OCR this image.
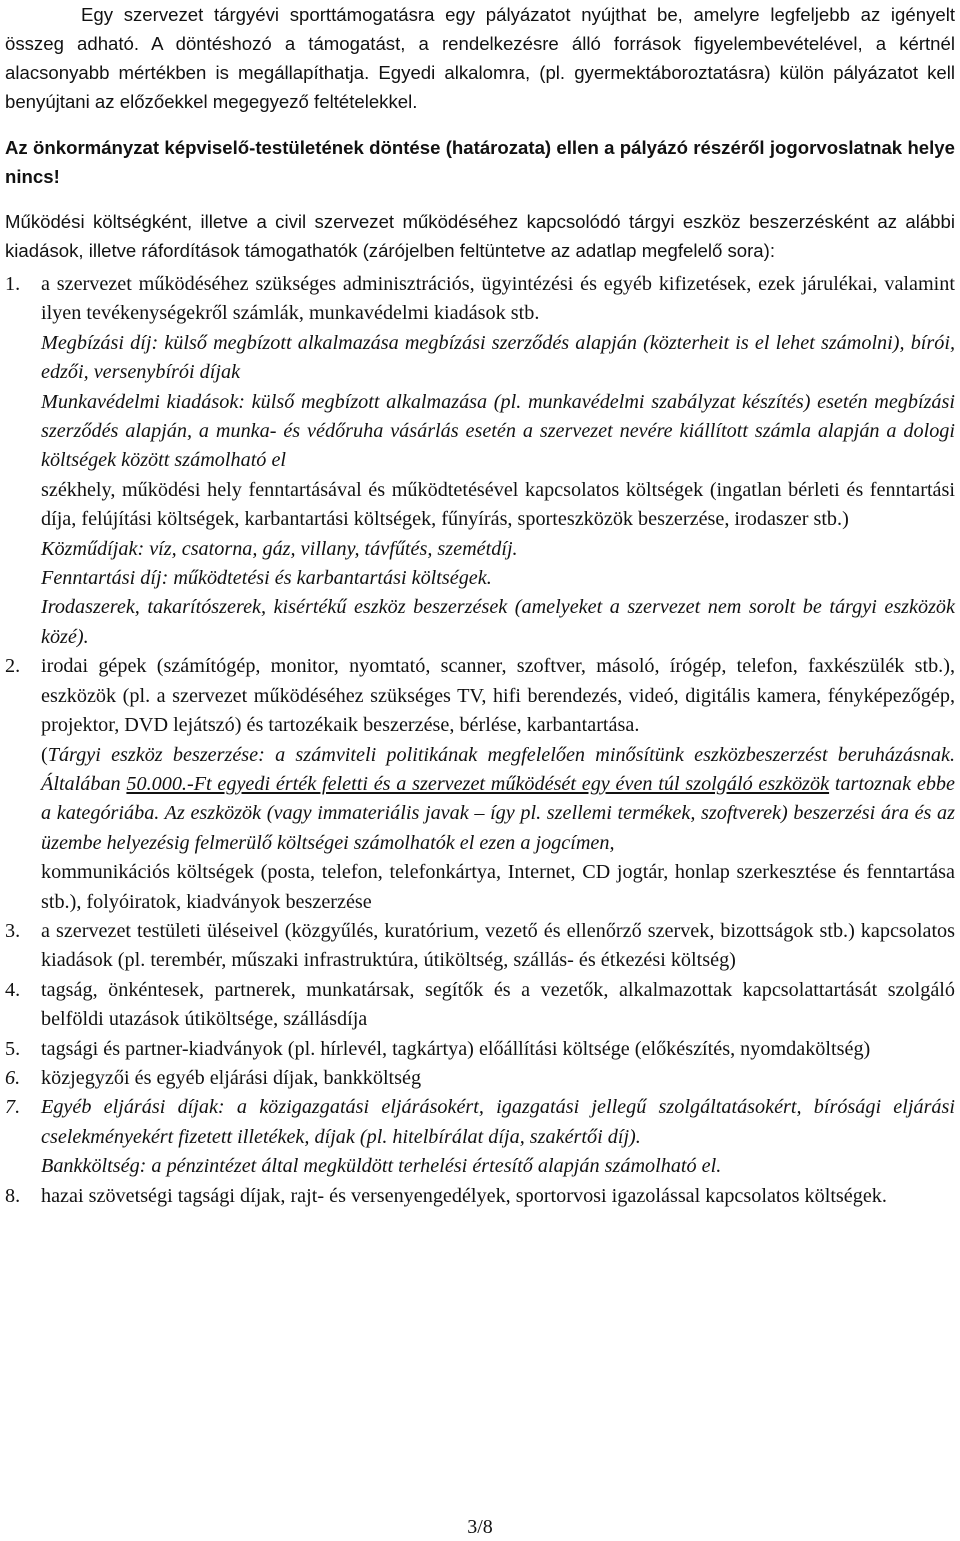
Egy szervezet tárgyévi sporttámogatásra egy pályázatot nyújthat be, amelyre legfeljebb az igényelt összeg adható. A döntéshozó a támogatást, a rendelkezésre álló források figyelembevételével, a kértnél alacsonyabb mértékben is megállapíthatja. Egyedi alkalomra, (pl. gyermektáboroztatásra) külön pályázatot kell benyújtani az előzőekkel megegyező feltételekkel.

Az önkormányzat képviselő-testületének döntése (határozata) ellen a pályázó részéről jogorvoslatnak helye nincs!

Működési költségként, illetve a civil szervezet működéséhez kapcsolódó tárgyi eszköz beszerzésként az alábbi kiadások, illetve ráfordítások támogathatók (zárójelben feltüntetve az adatlap megfelelő sora):

1.	a szervezet működéséhez szükséges adminisztrációs, ügyintézési és egyéb kifizetések, ezek járulékai, valamint ilyen tevékenységekről számlák, munkavédelmi kiadások stb.

Megbízási díj: külső megbízott alkalmazása megbízási szerződés alapján (közterheit is el lehet számolni), bírói, edzői, versenybírói díjak

Munkavédelmi kiadások: külső megbízott alkalmazása (pl. munkavédelmi szabályzat készítés) esetén megbízási szerződés alapján, a munka- és védőruha vásárlás esetén a szervezet nevére kiállított számla alapján a dologi költségek között számolható el

székhely, működési hely fenntartásával és működtetésével kapcsolatos költségek (ingatlan bérleti és fenntartási díja, felújítási költségek, karbantartási költségek, fűnyírás, sporteszközök beszerzése, irodaszer stb.)

Közműdíjak: víz, csatorna, gáz, villany, távfűtés, szemétdíj.

Fenntartási díj: működtetési és karbantartási költségek.

Irodaszerek, takarítószerek, kisértékű eszköz beszerzések (amelyeket a szervezet nem sorolt be tárgyi eszközök közé).

2.	irodai gépek (számítógép, monitor, nyomtató, scanner, szoftver, másoló, írógép, telefon, faxkészülék stb.), eszközök (pl. a szervezet működéséhez szükséges TV, hifi berendezés, videó, digitális kamera, fényképezőgép, projektor, DVD lejátszó) és tartozékaik beszerzése, bérlése, karbantartása.

(Tárgyi eszköz beszerzése: a számviteli politikának megfelelően minősítünk eszközbeszerzést beruházásnak. Általában 50.000.-Ft egyedi érték feletti és a szervezet működését egy éven túl szolgáló eszközök tartoznak ebbe a kategóriába. Az eszközök (vagy immateriális javak – így pl. szellemi termékek, szoftverek) beszerzési ára és az üzembe helyezésig felmerülő költségei számolhatók el ezen a jogcímen,

kommunikációs költségek (posta, telefon, telefonkártya, Internet, CD jogtár, honlap szerkesztése és fenntartása stb.), folyóiratok, kiadványok beszerzése

3.	a szervezet testületi üléseivel (közgyűlés, kuratórium, vezető és ellenőrző szervek, bizottságok stb.) kapcsolatos kiadások (pl. terembér, műszaki infrastruktúra, útiköltség, szállás- és étkezési költség)

4.	tagság, önkéntesek, partnerek, munkatársak, segítők és a vezetők, alkalmazottak kapcsolattartását szolgáló belföldi utazások útiköltsége, szállásdíja

5.	tagsági és partner-kiadványok (pl. hírlevél, tagkártya) előállítási költsége (előkészítés, nyomdaköltség)

6.	közjegyzői és egyéb eljárási díjak, bankköltség

7.	Egyéb eljárási díjak: a közigazgatási eljárásokért, igazgatási jellegű szolgáltatásokért, bírósági eljárási cselekményekért fizetett illetékek, díjak (pl. hitelbírálat díja, szakértői díj).

Bankköltség: a pénzintézet által megküldött terhelési értesítő alapján számolható el.

8.	hazai szövetségi tagsági díjak, rajt- és versenyengedélyek, sportorvosi igazolással kapcsolatos költségek.

3/8
